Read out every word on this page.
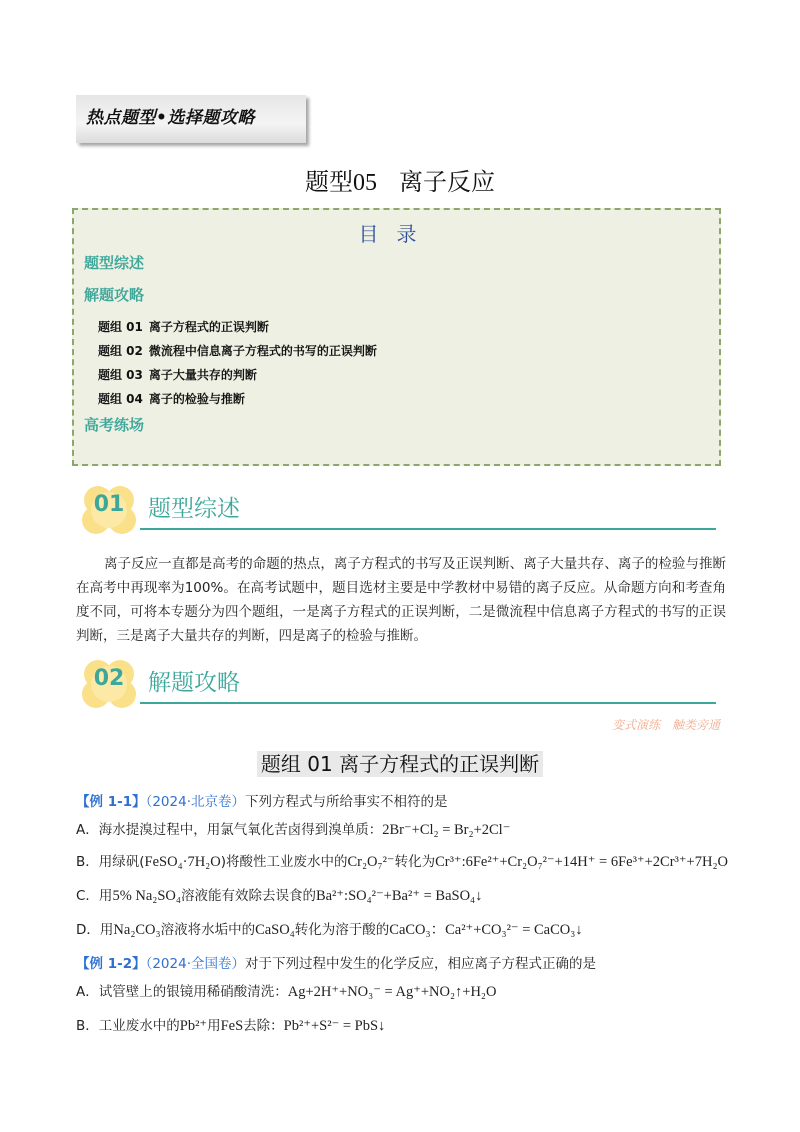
热点题型•选择题攻略
题型05 离子反应
目录
题型综述
解题攻略
题组 01 离子方程式的正误判断
题组 02 微流程中信息离子方程式的书写的正误判断
题组 03 离子大量共存的判断
题组 04 离子的检验与推断
高考练场
01	题型综述
离子反应一直都是高考的命题的热点，离子方程式的书写及正误判断、离子大量共存、离子的检验与推断在高考中再现率为100%。在高考试题中，题目选材主要是中学教材中易错的离子反应。从命题方向和考查角度不同，可将本专题分为四个题组，一是离子方程式的正误判断，二是微流程中信息离子方程式的书写的正误判断，三是离子大量共存的判断，四是离子的检验与推断。
02	解题攻略
变式演练 触类旁通
题组 01 离子方程式的正误判断
【例 1-1】（2024·北京卷）下列方程式与所给事实不相符的是
A．海水提溴过程中，用氯气氧化苦卤得到溴单质：2Br⁻+Cl₂ = Br₂+2Cl⁻
B．用绿矾(FeSO₄·7H₂O)将酸性工业废水中的Cr₂O₇²⁻转化为Cr³⁺:6Fe²⁺+Cr₂O₇²⁻+14H⁺ = 6Fe³⁺+2Cr³⁺+7H₂O
C．用5% Na₂SO₄溶液能有效除去误食的Ba²⁺:SO₄²⁻+Ba²⁺ = BaSO₄↓
D．用Na₂CO₃溶液将水垢中的CaSO₄转化为溶于酸的CaCO₃：Ca²⁺+CO₃²⁻ = CaCO₃↓
【例 1-2】（2024·全国卷）对于下列过程中发生的化学反应，相应离子方程式正确的是
A．试管壁上的银镜用稀硝酸清洗：Ag+2H⁺+NO₃⁻ = Ag⁺+NO₂↑+H₂O
B．工业废水中的Pb²⁺用FeS去除：Pb²⁺+S²⁻ = PbS↓
